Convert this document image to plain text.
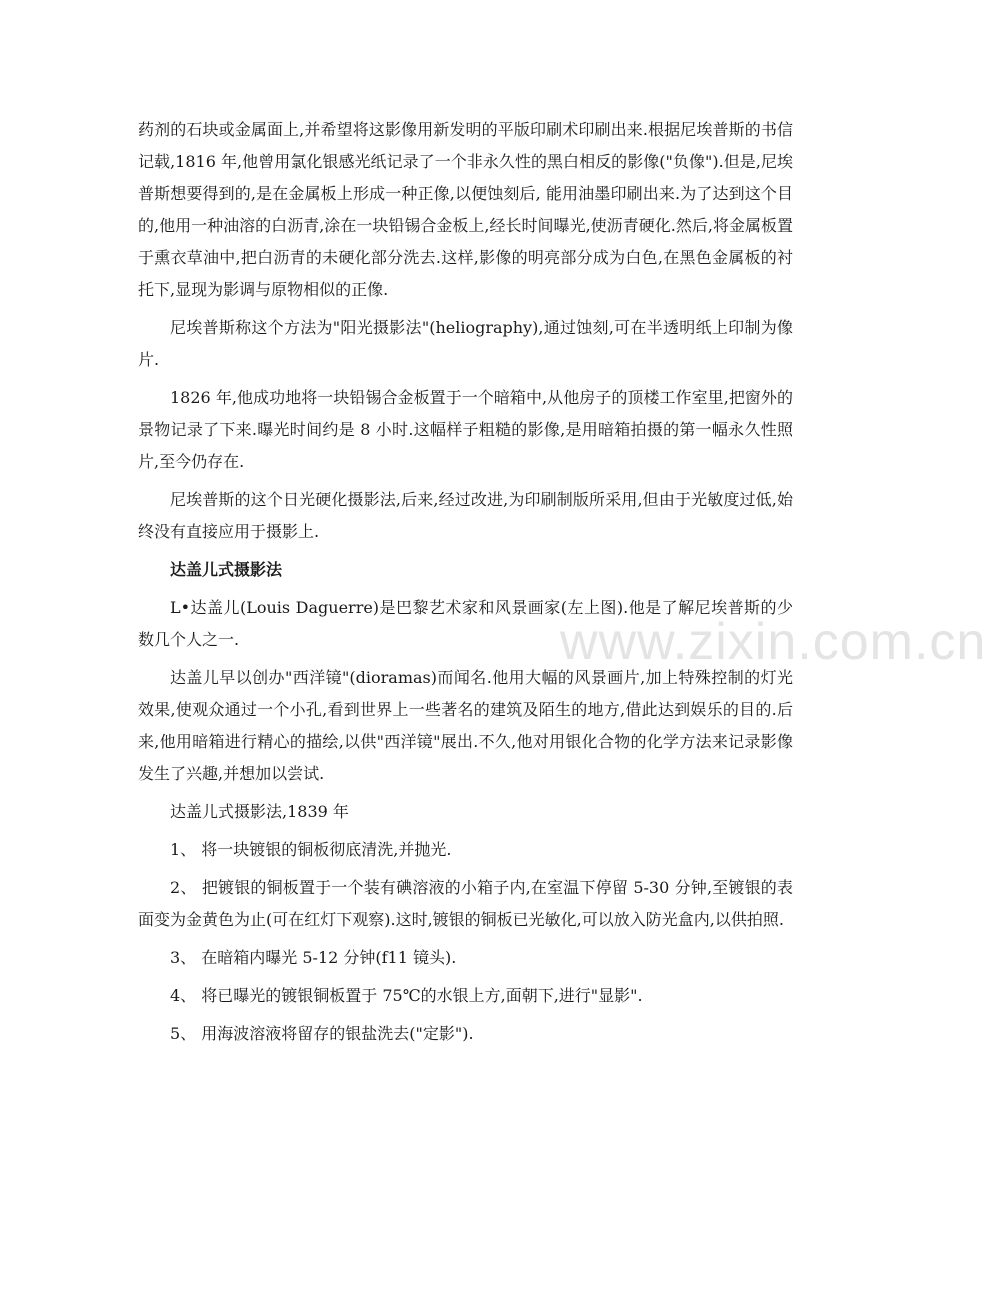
www.zixin.com.cn

药剂的石块或金属面上,并希望将这影像用新发明的平版印刷术印刷出来.根据尼埃普斯的书信记载,1816 年,他曾用氯化银感光纸记录了一个非永久性的黑白相反的影像("负像").但是,尼埃普斯想要得到的,是在金属板上形成一种正像,以便蚀刻后, 能用油墨印刷出来.为了达到这个目的,他用一种油溶的白沥青,涂在一块铅锡合金板上,经长时间曝光,使沥青硬化.然后,将金属板置于熏衣草油中,把白沥青的未硬化部分洗去.这样,影像的明亮部分成为白色,在黑色金属板的衬托下,显现为影调与原物相似的正像.

尼埃普斯称这个方法为"阳光摄影法"(heliography),通过蚀刻,可在半透明纸上印制为像片.

1826 年,他成功地将一块铅锡合金板置于一个暗箱中,从他房子的顶楼工作室里,把窗外的景物记录了下来.曝光时间约是 8 小时.这幅样子粗糙的影像,是用暗箱拍摄的第一幅永久性照片,至今仍存在.

尼埃普斯的这个日光硬化摄影法,后来,经过改进,为印刷制版所采用,但由于光敏度过低,始终没有直接应用于摄影上.

达盖儿式摄影法

L•达盖儿(Louis Daguerre)是巴黎艺术家和风景画家(左上图).他是了解尼埃普斯的少数几个人之一.

达盖儿早以创办"西洋镜"(dioramas)而闻名.他用大幅的风景画片,加上特殊控制的灯光效果,使观众通过一个小孔,看到世界上一些著名的建筑及陌生的地方,借此达到娱乐的目的.后来,他用暗箱进行精心的描绘,以供"西洋镜"展出.不久,他对用银化合物的化学方法来记录影像发生了兴趣,并想加以尝试.

达盖儿式摄影法,1839 年

1、 将一块镀银的铜板彻底清洗,并抛光.

2、 把镀银的铜板置于一个装有碘溶液的小箱子内,在室温下停留 5-30 分钟,至镀银的表面变为金黄色为止(可在红灯下观察).这时,镀银的铜板已光敏化,可以放入防光盒内,以供拍照.

3、 在暗箱内曝光 5-12 分钟(f11 镜头).

4、 将已曝光的镀银铜板置于 75℃的水银上方,面朝下,进行"显影".

5、 用海波溶液将留存的银盐洗去("定影").
